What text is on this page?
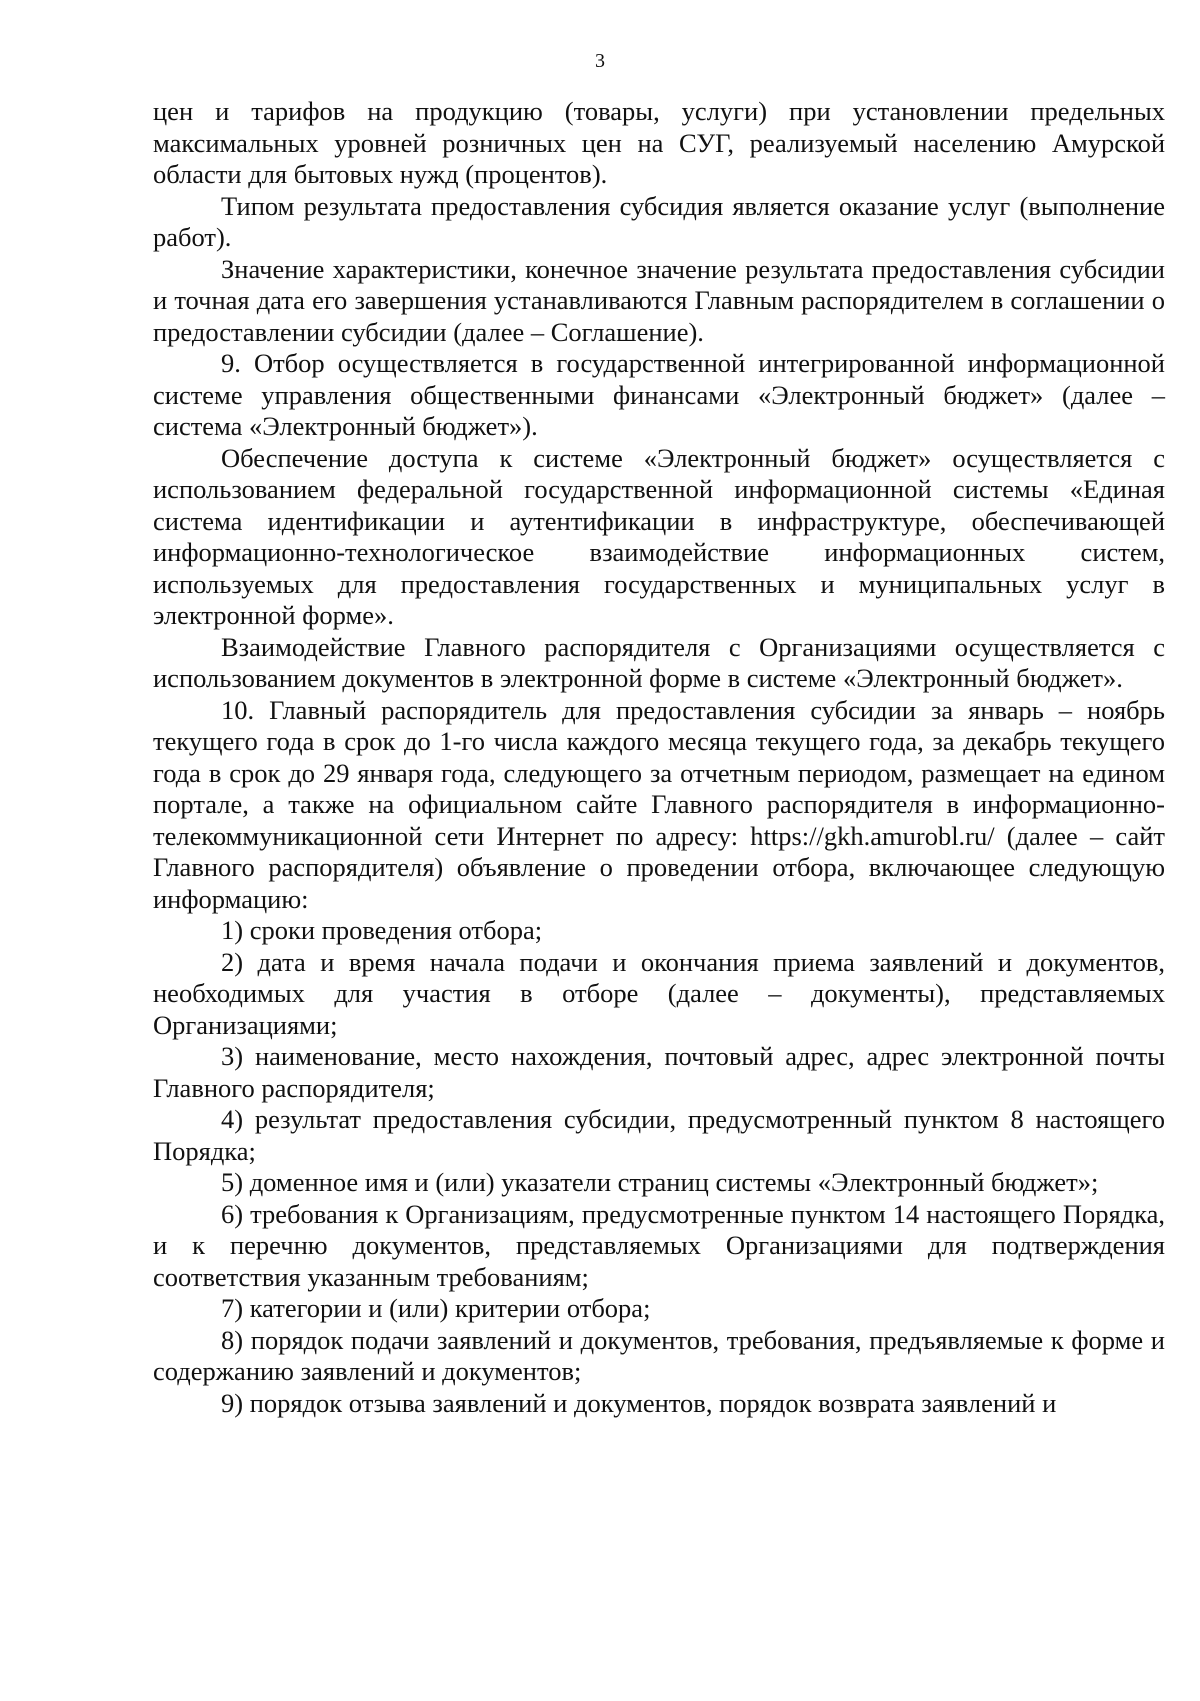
3

цен и тарифов на продукцию (товары, услуги) при установлении предельных максимальных уровней розничных цен на СУГ, реализуемый населению Амурской области для бытовых нужд (процентов).

Типом результата предоставления субсидия является оказание услуг (выполнение работ).

Значение характеристики, конечное значение результата предоставления субсидии и точная дата его завершения устанавливаются Главным распорядителем в соглашении о предоставлении субсидии (далее – Соглашение).

9. Отбор осуществляется в государственной интегрированной информационной системе управления общественными финансами «Электронный бюджет» (далее – система «Электронный бюджет»).

Обеспечение доступа к системе «Электронный бюджет» осуществляется с использованием федеральной государственной информационной системы «Единая система идентификации и аутентификации в инфраструктуре, обеспечивающей информационно-технологическое взаимодействие информационных систем, используемых для предоставления государственных и муниципальных услуг в электронной форме».

Взаимодействие Главного распорядителя с Организациями осуществляется с использованием документов в электронной форме в системе «Электронный бюджет».

10. Главный распорядитель для предоставления субсидии за январь – ноябрь текущего года в срок до 1-го числа каждого месяца текущего года, за декабрь текущего года в срок до 29 января года, следующего за отчетным периодом, размещает на едином портале, а также на официальном сайте Главного распорядителя в информационно-телекоммуникационной сети Интернет по адресу: https://gkh.amurobl.ru/ (далее – сайт Главного распорядителя) объявление о проведении отбора, включающее следующую информацию:

1) сроки проведения отбора;

2) дата и время начала подачи и окончания приема заявлений и документов, необходимых для участия в отборе (далее – документы), представляемых Организациями;

3) наименование, место нахождения, почтовый адрес, адрес электронной почты Главного распорядителя;

4) результат предоставления субсидии, предусмотренный пунктом 8 настоящего Порядка;

5) доменное имя и (или) указатели страниц системы «Электронный бюджет»;

6) требования к Организациям, предусмотренные пунктом 14 настоящего Порядка, и к перечню документов, представляемых Организациями для подтверждения соответствия указанным требованиям;

7) категории и (или) критерии отбора;

8) порядок подачи заявлений и документов, требования, предъявляемые к форме и содержанию заявлений и документов;

9) порядок отзыва заявлений и документов, порядок возврата заявлений и
